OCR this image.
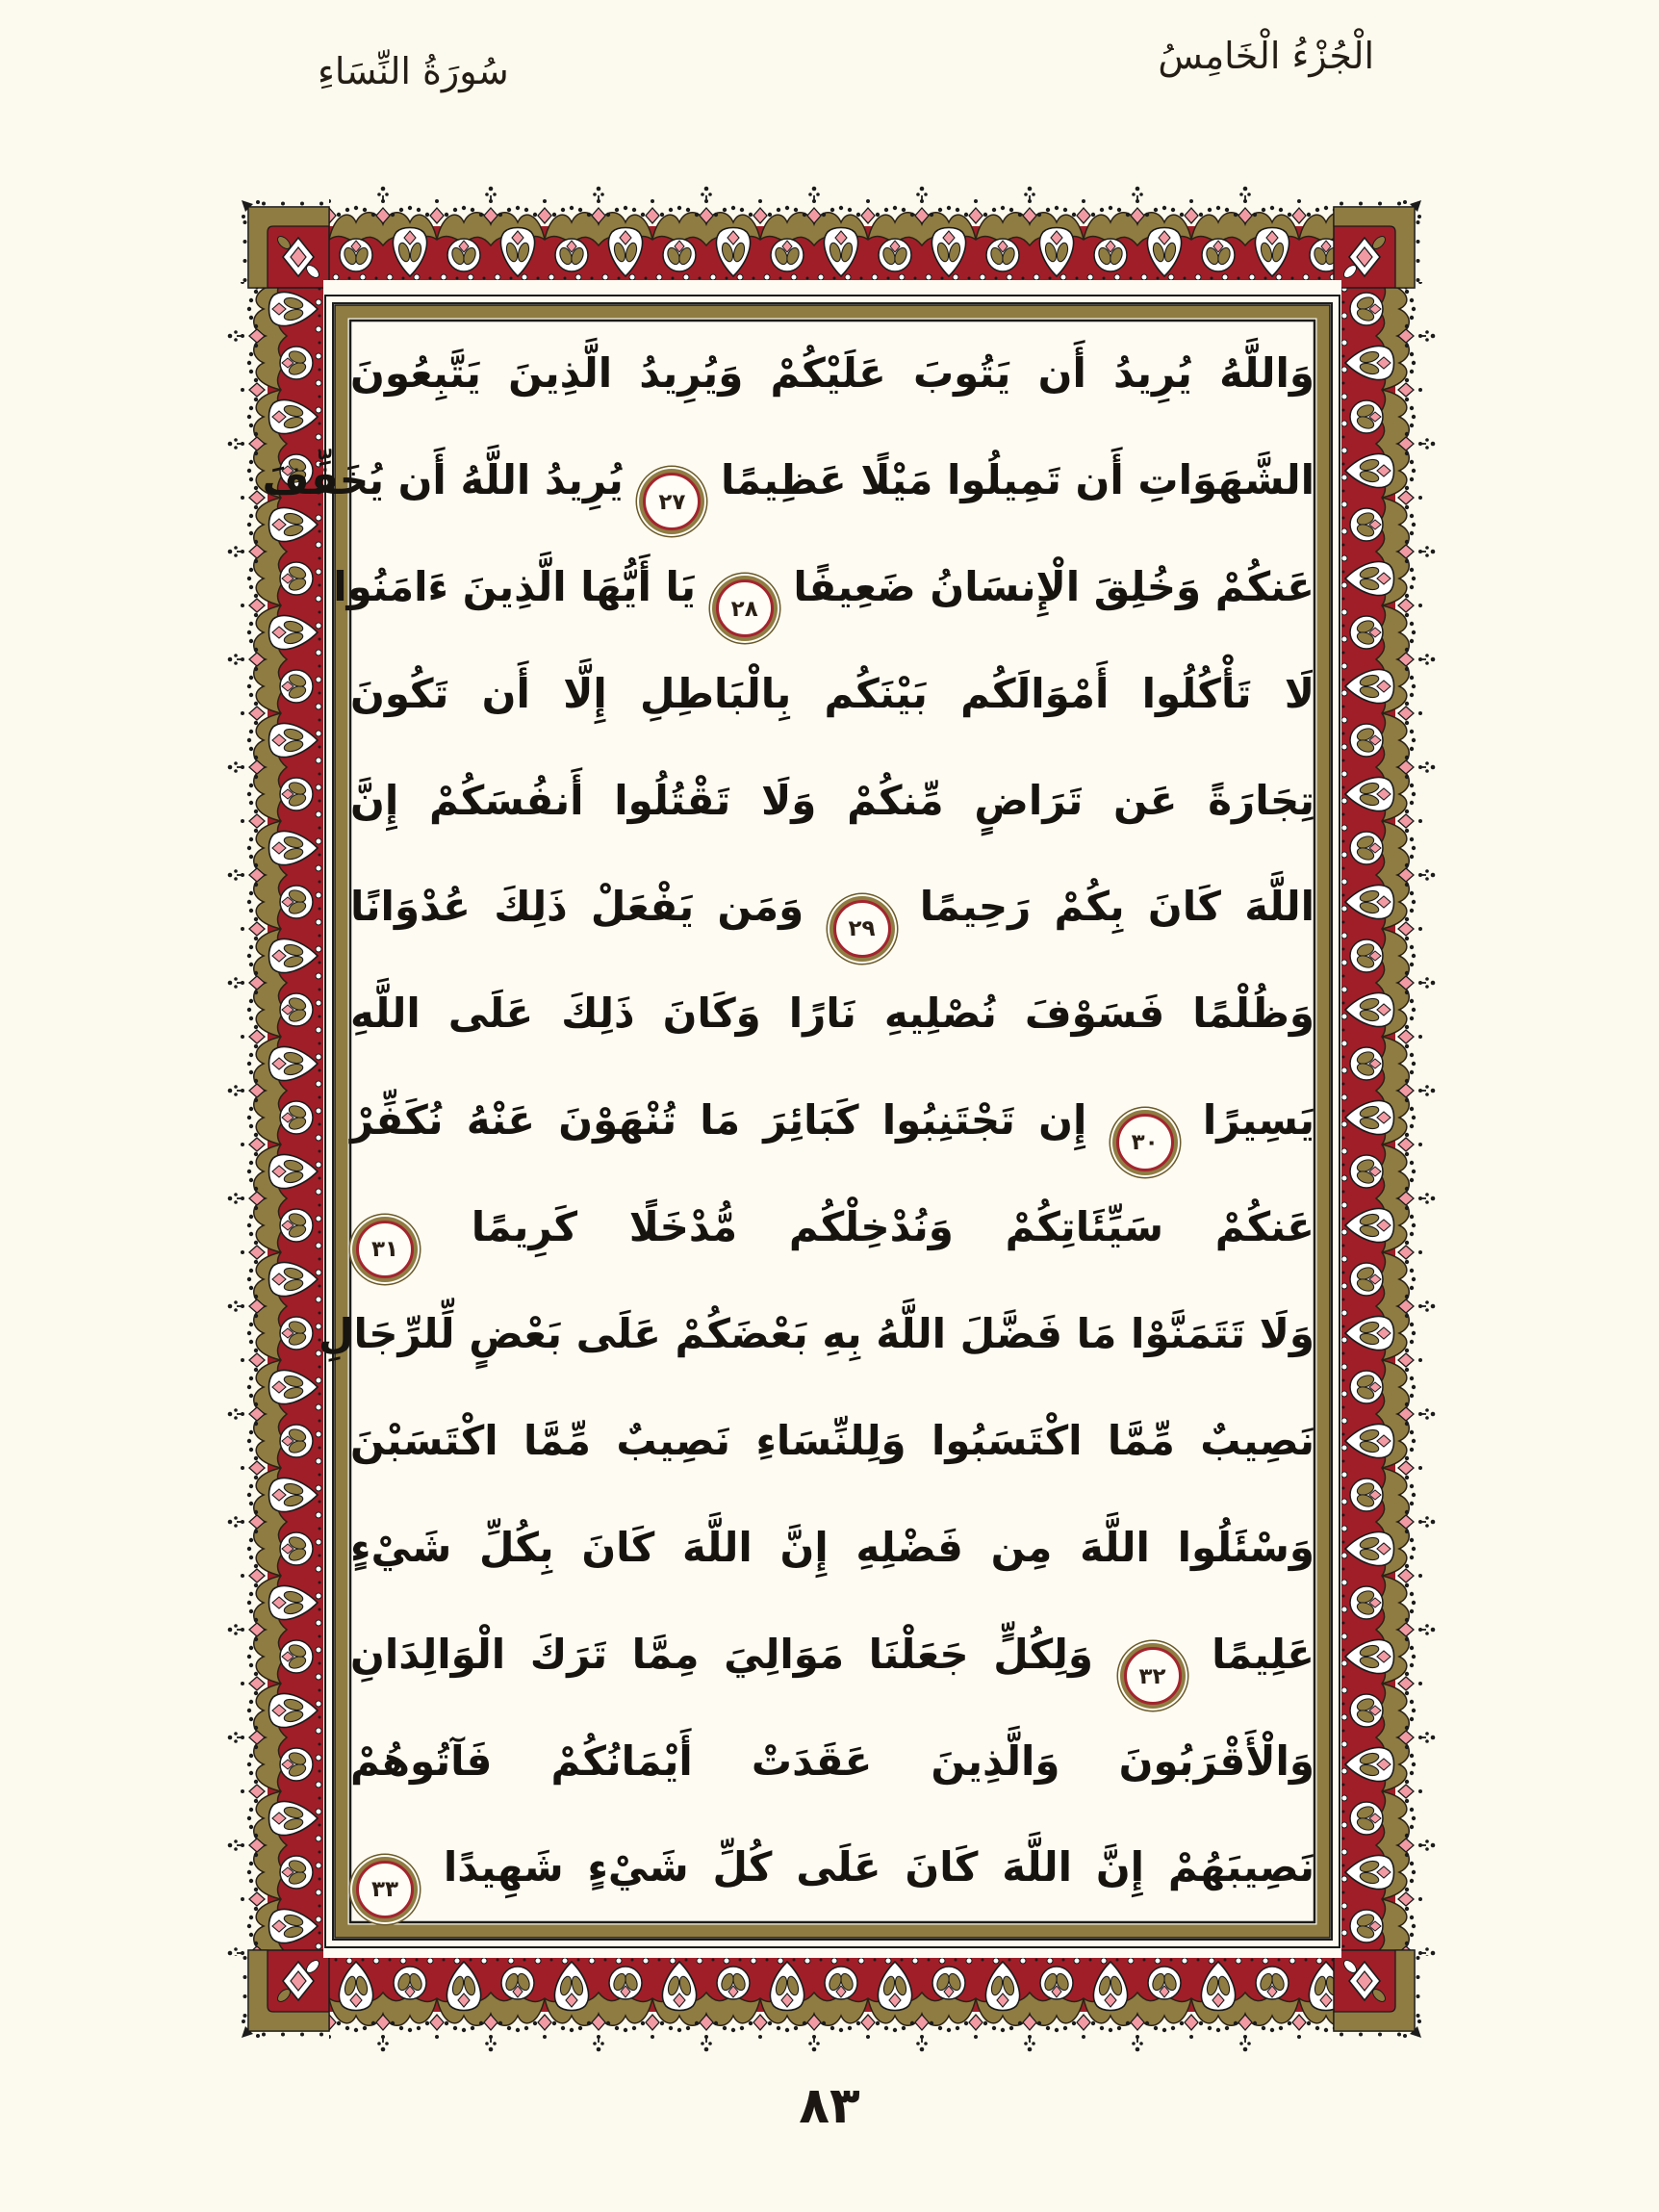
الْجُزْءُ الْخَامِسُ
سُورَةُ النِّسَاءِ
وَاللَّهُ يُرِيدُ أَن يَتُوبَ عَلَيْكُمْ وَيُرِيدُ الَّذِينَ يَتَّبِعُونَ
الشَّهَوَاتِ أَن تَمِيلُوا مَيْلًا عَظِيمًا
٢٧
يُرِيدُ اللَّهُ أَن يُخَفِّفَ
عَنكُمْ وَخُلِقَ الْإِنسَانُ ضَعِيفًا
٢٨
يَا أَيُّهَا الَّذِينَ ءَامَنُوا
لَا تَأْكُلُوا أَمْوَالَكُم بَيْنَكُم بِالْبَاطِلِ إِلَّا أَن تَكُونَ
تِجَارَةً عَن تَرَاضٍ مِّنكُمْ وَلَا تَقْتُلُوا أَنفُسَكُمْ إِنَّ
اللَّهَ كَانَ بِكُمْ رَحِيمًا
٢٩
وَمَن يَفْعَلْ ذَلِكَ عُدْوَانًا
وَظُلْمًا فَسَوْفَ نُصْلِيهِ نَارًا وَكَانَ ذَلِكَ عَلَى اللَّهِ
يَسِيرًا
٣٠
إِن تَجْتَنِبُوا كَبَائِرَ مَا تُنْهَوْنَ عَنْهُ نُكَفِّرْ
عَنكُمْ سَيِّئَاتِكُمْ وَنُدْخِلْكُم مُّدْخَلًا كَرِيمًا
٣١
وَلَا تَتَمَنَّوْا مَا فَضَّلَ اللَّهُ بِهِ بَعْضَكُمْ عَلَى بَعْضٍ لِّلرِّجَالِ
نَصِيبٌ مِّمَّا اكْتَسَبُوا وَلِلنِّسَاءِ نَصِيبٌ مِّمَّا اكْتَسَبْنَ
وَسْئَلُوا اللَّهَ مِن فَضْلِهِ إِنَّ اللَّهَ كَانَ بِكُلِّ شَيْءٍ
عَلِيمًا
٣٢
وَلِكُلٍّ جَعَلْنَا مَوَالِيَ مِمَّا تَرَكَ الْوَالِدَانِ
وَالْأَقْرَبُونَ وَالَّذِينَ عَقَدَتْ أَيْمَانُكُمْ فَآتُوهُمْ
نَصِيبَهُمْ إِنَّ اللَّهَ كَانَ عَلَى كُلِّ شَيْءٍ شَهِيدًا
٣٣
٨٣
